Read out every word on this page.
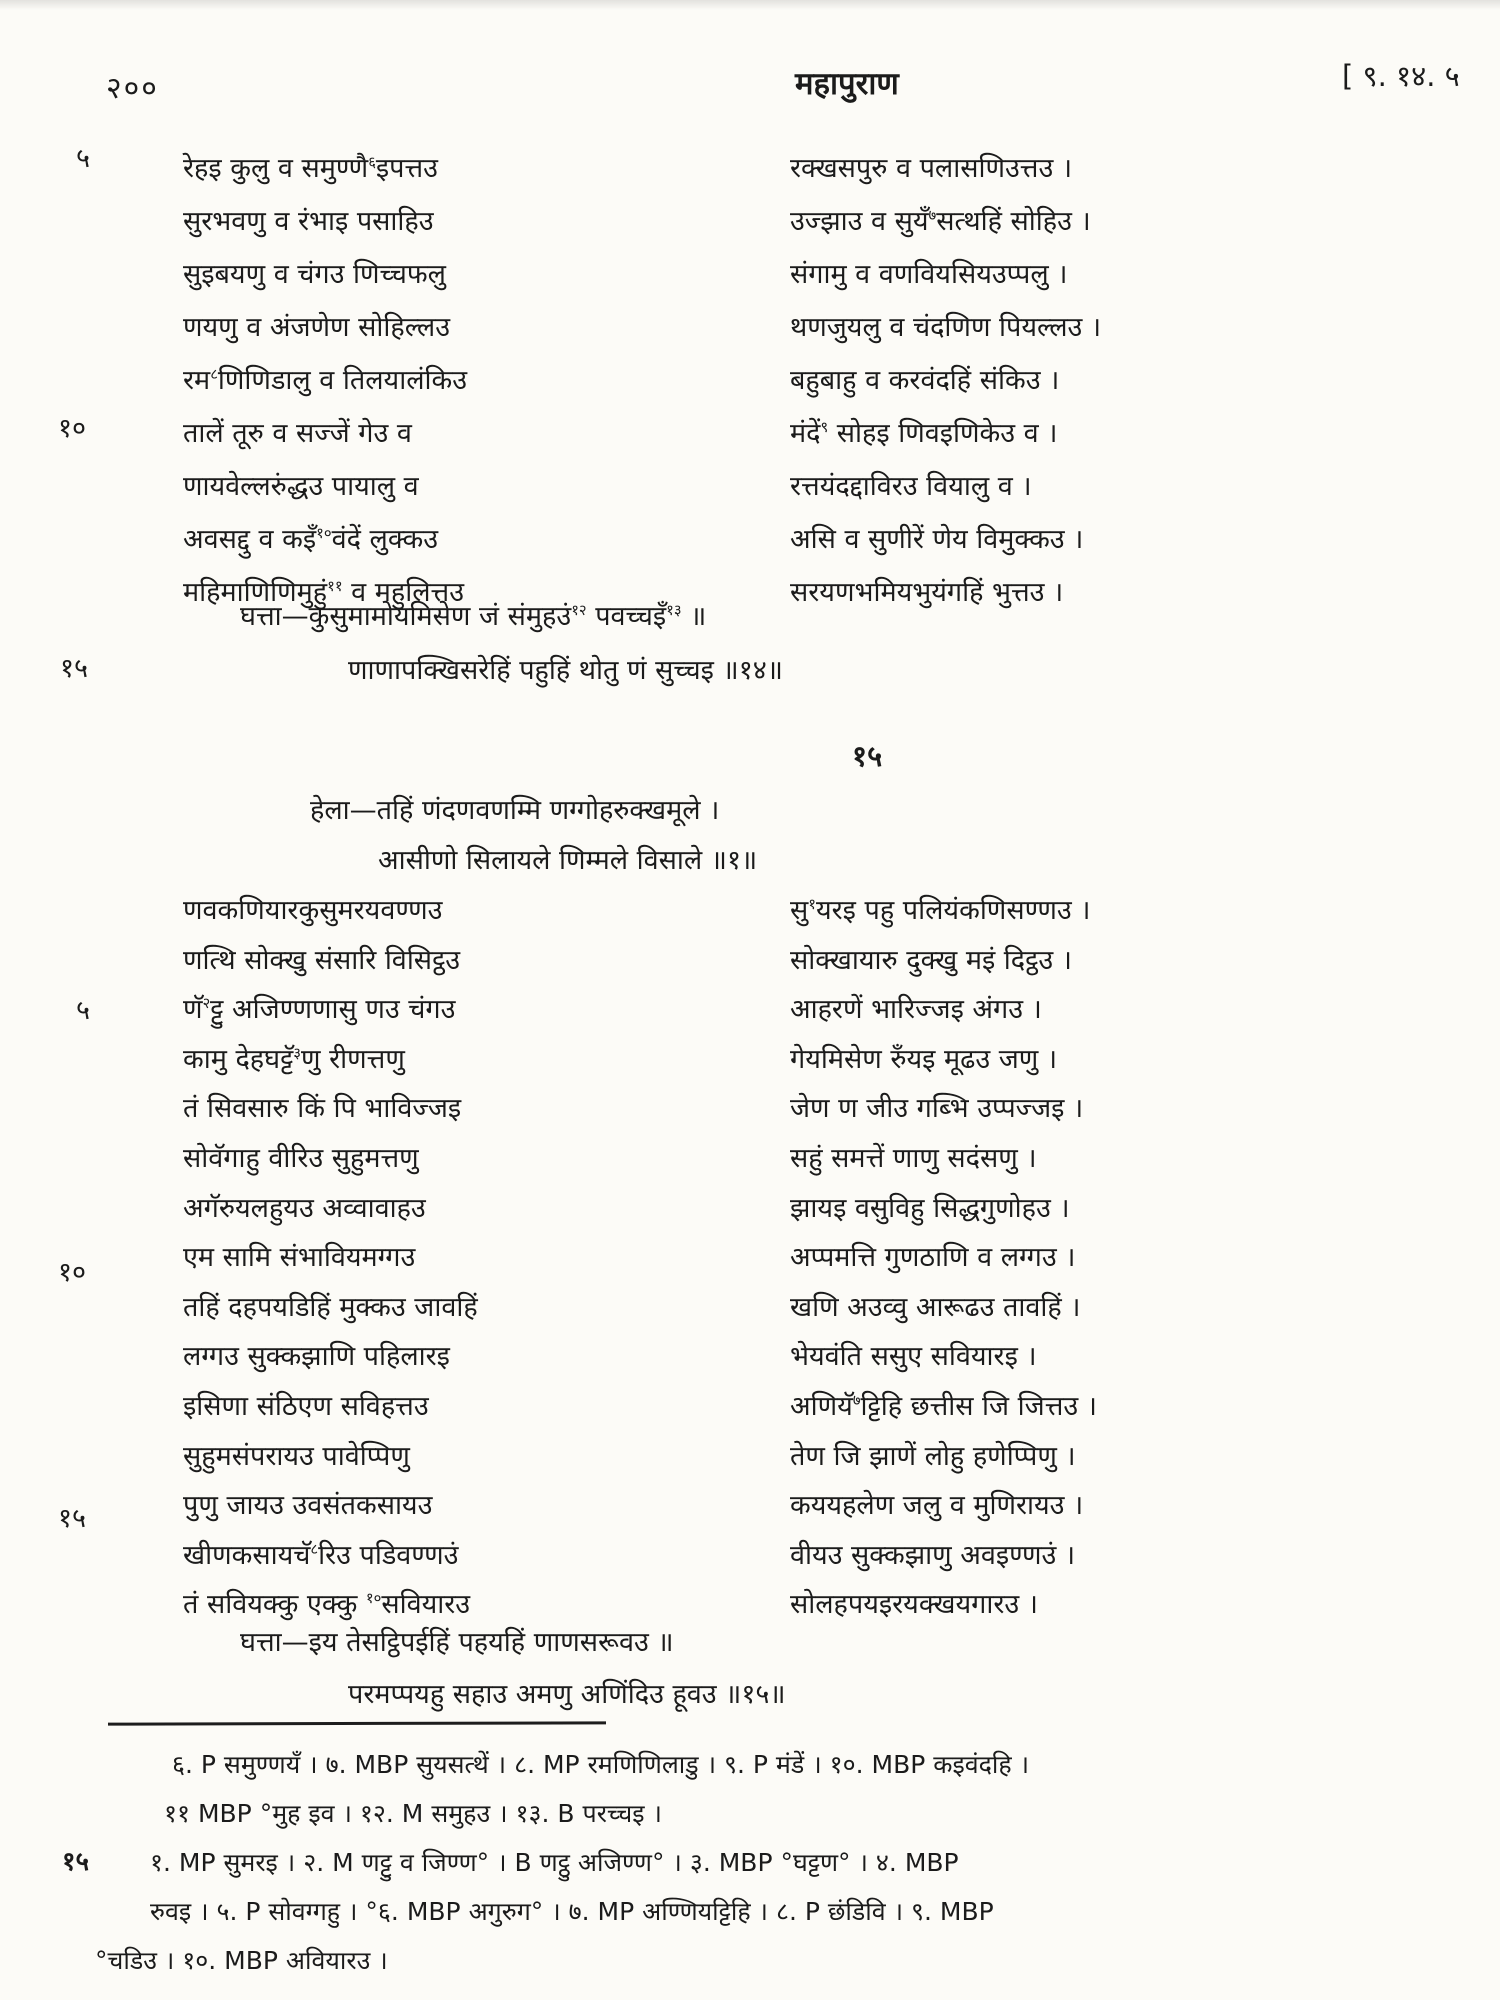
२००	महापुराण	[ ९. १४. ५
५
१०
१५
५
१०
१५
रेहइ कुलु व समुण्णै$^६$इपत्तउ	रक्खसपुरु व पलासणिउत्तउ ।
सुरभवणु व रंभाइ पसाहिउ	उज्झाउ व सुयँ$^७$सत्थहिं सोहिउ ।
सुइबयणु व चंगउ णिच्चफलु	संगामु व वणवियसियउप्पलु ।
णयणु व अंजणेण सोहिल्लउ	थणजुयलु व चंदणिण पियल्लउ ।
रम$^८$णिणिडालु व तिलयालंकिउ	बहुबाहु व करवंदहिं संकिउ ।
तालें तूरु व सज्जें गेउ व	मंदें$^९$ सोहइ णिवइणिकेउ व ।
णायवेल्लरुंद्धउ पायालु व	रत्तयंदद्दाविरउ वियालु व ।
अवसद्दु व कइँ$^{१०}$वंदें लुक्कउ	असि व सुणीरें णेय विमुक्कउ ।
महिमाणिणिमुहुं$^{११}$ व महुलित्तउ	सरयणभमियभुयंगहिं भुत्तउ ।
घत्ता—कुसुमामोयमिसेण जं संमुहउं$^{१२}$ पवच्चइँ$^{१३}$ ॥
णाणापक्खिसरेहिं पहुहिं थोतु णं सुच्चइ ॥१४॥
१५
हेला—तहिं णंदणवणम्मि णग्गोहरुक्खमूले ।
आसीणो सिलायले णिम्मले विसाले ॥१॥
णवकणियारकुसुमरयवण्णउ	सु$^१$यरइ पहु पलियंकणिसण्णउ ।
णत्थि सोक्खु संसारि विसिट्ठउ	सोक्खायारु दुक्खु मइं दिट्ठउ ।
णॅ$^२$ट्टु अजिण्णणासु णउ चंगउ	आहरणें भारिज्जइ अंगउ ।
कामु देहघट्टॅ$^३$णु रीणत्तणु	गेयमिसेण रुँयइ मूढउ जणु ।
तं सिवसारु किं पि भाविज्जइ	जेण ण जीउ गब्भि उप्पज्जइ ।
सोवॅगाहु वीरिउ सुहुमत्तणु	सहुं समत्तें णाणु सदंसणु ।
अगॅरुयलहुयउ अव्वावाहउ	झायइ वसुविहु सिद्धगुणोहउ ।
एम सामि संभावियमग्गउ	अप्पमत्ति गुणठाणि व लग्गउ ।
तहिं दहपयडिहिं मुक्कउ जावहिं	खणि अउव्वु आरूढउ तावहिं ।
लग्गउ सुक्कझाणि पहिलारइ	भेयवंति ससुए सवियारइ ।
इसिणा संठिएण सविहत्तउ	अणियॅ$^७$ट्टिहि छत्तीस जि जित्तउ ।
सुहुमसंपरायउ पावेप्पिणु	तेण जि झाणें लोहु हणेप्पिणु ।
पुणु जायउ उवसंतकसायउ	कययहलेण जलु व मुणिरायउ ।
खीणकसायचॅ$^८$रिउ पडिवण्णउं	वीयउ सुक्कझाणु अवइण्णउं ।
तं सवियक्कु एक्कु $^{१०}$सवियारउ	सोलहपयइरयक्खयगारउ ।
घत्ता—इय तेसट्ठिपईहिं पहयहिं णाणसरूवउ ॥
परमप्पयहु सहाउ अमणु अणिंदिउ हूवउ ॥१५॥
६. P समुण्णयँ । ७. MBP सुयसत्थें । ८. MP रमणिणिलाडु । ९. P मंडें । १०. MBP कइवंदहि ।
११ MBP °मुह इव । १२. M समुहउ । १३. B परच्चइ ।
१५ १. MP सुमरइ । २. M णट्टु व जिण्ण° । B णट्ठु अजिण्ण° । ३. MBP °घट्टण° । ४. MBP
रुवइ । ५. P सोवग्गहु । °६. MBP अगुरुग° । ७. MP अण्णियट्टिहि । ८. P छंडिवि । ९. MBP
°चडिउ । १०. MBP अवियारउ ।
